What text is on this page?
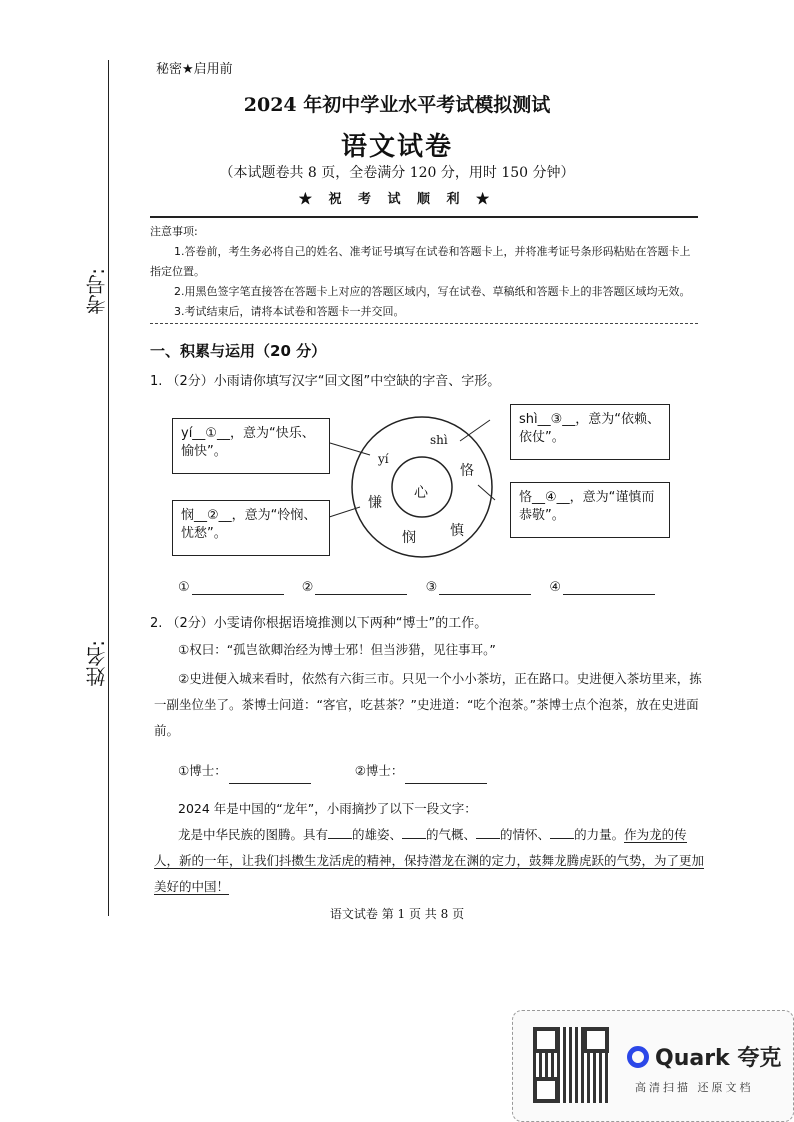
考号:
姓名:
秘密★启用前
2024 年初中学业水平考试模拟测试
语文试卷
（本试题卷共 8 页，全卷满分 120 分，用时 150 分钟）
★ 祝 考 试 顺 利 ★
注意事项:
1.答卷前，考生务必将自己的姓名、准考证号填写在试卷和答题卡上，并将准考证号条形码粘贴在答题卡上指定位置。
2.用黑色签字笔直接答在答题卡上对应的答题区域内，写在试卷、草稿纸和答题卡上的非答题区域均无效。
3.考试结束后，请将本试卷和答题卡一并交回。
一、积累与运用（20 分）
1. （2分）小雨请你填写汉字“回文图”中空缺的字音、字形。
心
shì
yí
恪
慊
悯 慎
yí__①__，意为“快乐、愉快”。
shì__③__，意为“依赖、依仗”。
悯__②__，意为“怜悯、忧愁”。
恪__④__，意为“谨慎而恭敬”。
①	②	③	④
2. （2分）小雯请你根据语境推测以下两种“博士”的工作。
①权曰：“孤岂欲卿治经为博士邪！但当涉猎，见往事耳。”
②史进便入城来看时，依然有六街三市。只见一个小小茶坊，正在路口。史进便入茶坊里来，拣一副坐位坐了。茶博士问道：“客官，吃甚茶？”史进道：“吃个泡茶。”茶博士点个泡茶，放在史进面前。
①博士：	②博士：
2024 年是中国的“龙年”，小雨摘抄了以下一段文字：
龙是中华民族的图腾。具有 的雄姿、 的气概、 的情怀、 的力量。作为龙的传人，新的一年，让我们抖擞生龙活虎的精神，保持潜龙在渊的定力，鼓舞龙腾虎跃的气势，为了更加美好的中国！
语文试卷 第 1 页 共 8 页
Quark 夸克
高清扫描 还原文档
